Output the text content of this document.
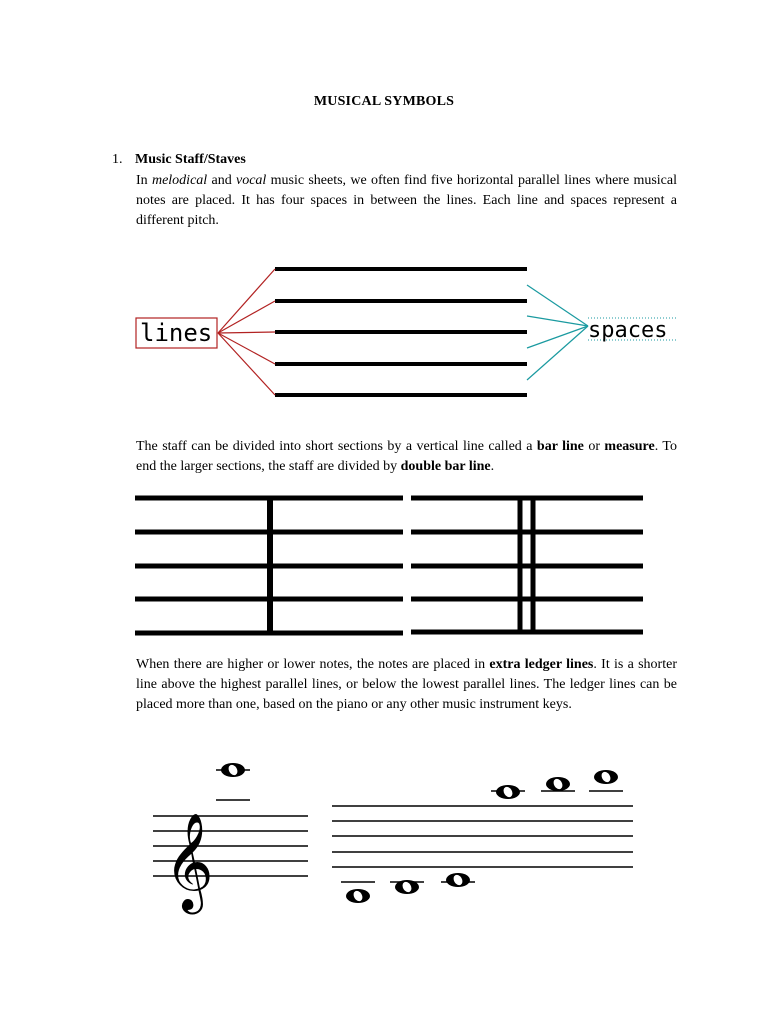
MUSICAL SYMBOLS
1. Music Staff/Staves

In melodical and vocal music sheets, we often find five horizontal parallel lines where musical notes are placed. It has four spaces in between the lines. Each line and spaces represent a different pitch.

lines	spaces

The staff can be divided into short sections by a vertical line called a bar line or measure. To end the larger sections, the staff are divided by double bar line.

When there are higher or lower notes, the notes are placed in extra ledger lines. It is a shorter line above the highest parallel lines, or below the lowest parallel lines. The ledger lines can be placed more than one, based on the piano or any other music instrument keys.

𝄞
